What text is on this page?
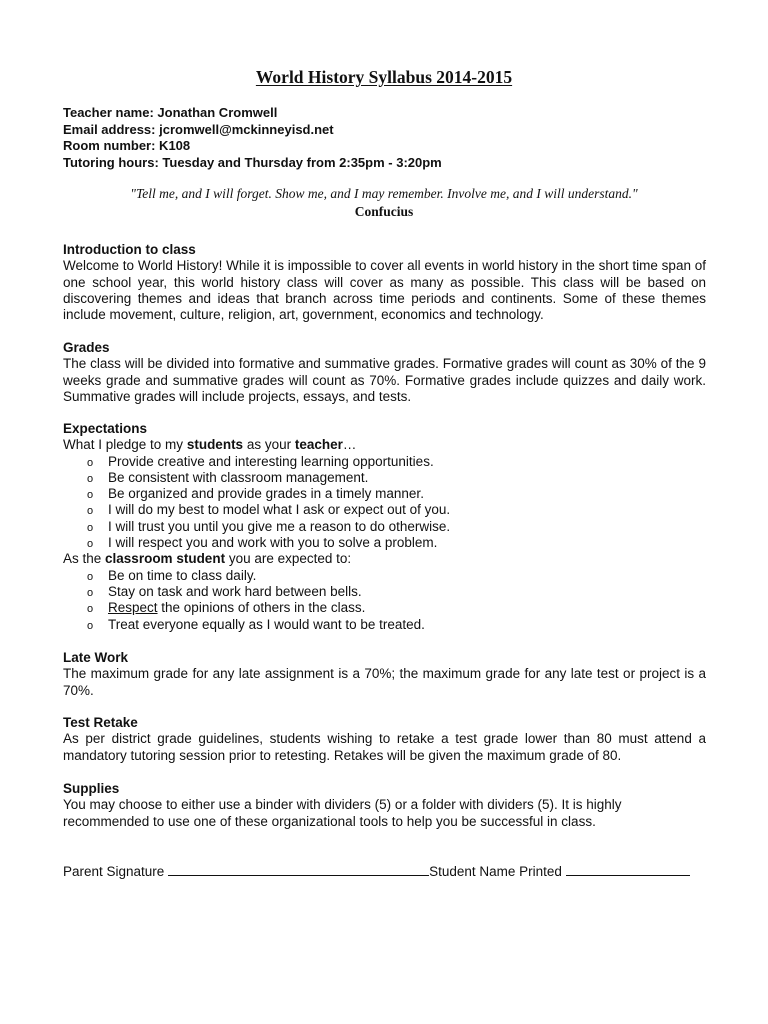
World History Syllabus 2014-2015
Teacher name: Jonathan Cromwell
Email address: jcromwell@mckinneyisd.net
Room number: K108
Tutoring hours: Tuesday and Thursday from 2:35pm - 3:20pm
"Tell me, and I will forget. Show me, and I may remember. Involve me, and I will understand."
Confucius
Introduction to class

Welcome to World History! While it is impossible to cover all events in world history in the short time span of one school year, this world history class will cover as many as possible. This class will be based on discovering themes and ideas that branch across time periods and continents. Some of these themes include movement, culture, religion, art, government, economics and technology.

Grades

The class will be divided into formative and summative grades. Formative grades will count as 30% of the 9 weeks grade and summative grades will count as 70%. Formative grades include quizzes and daily work. Summative grades will include projects, essays, and tests.

Expectations

What I pledge to my students as your teacher…

o Provide creative and interesting learning opportunities.
o Be consistent with classroom management.
o Be organized and provide grades in a timely manner.
o I will do my best to model what I ask or expect out of you.
o I will trust you until you give me a reason to do otherwise.
o I will respect you and work with you to solve a problem.

As the classroom student you are expected to:

o Be on time to class daily.
o Stay on task and work hard between bells.
o Respect the opinions of others in the class.
o Treat everyone equally as I would want to be treated.
Late Work

The maximum grade for any late assignment is a 70%; the maximum grade for any late test or project is a 70%.

Test Retake

As per district grade guidelines, students wishing to retake a test grade lower than 80 must attend a mandatory tutoring session prior to retesting. Retakes will be given the maximum grade of 80.

Supplies

You may choose to either use a binder with dividers (5) or a folder with dividers (5). It is highly recommended to use one of these organizational tools to help you be successful in class.

Parent Signature	Student Name Printed
